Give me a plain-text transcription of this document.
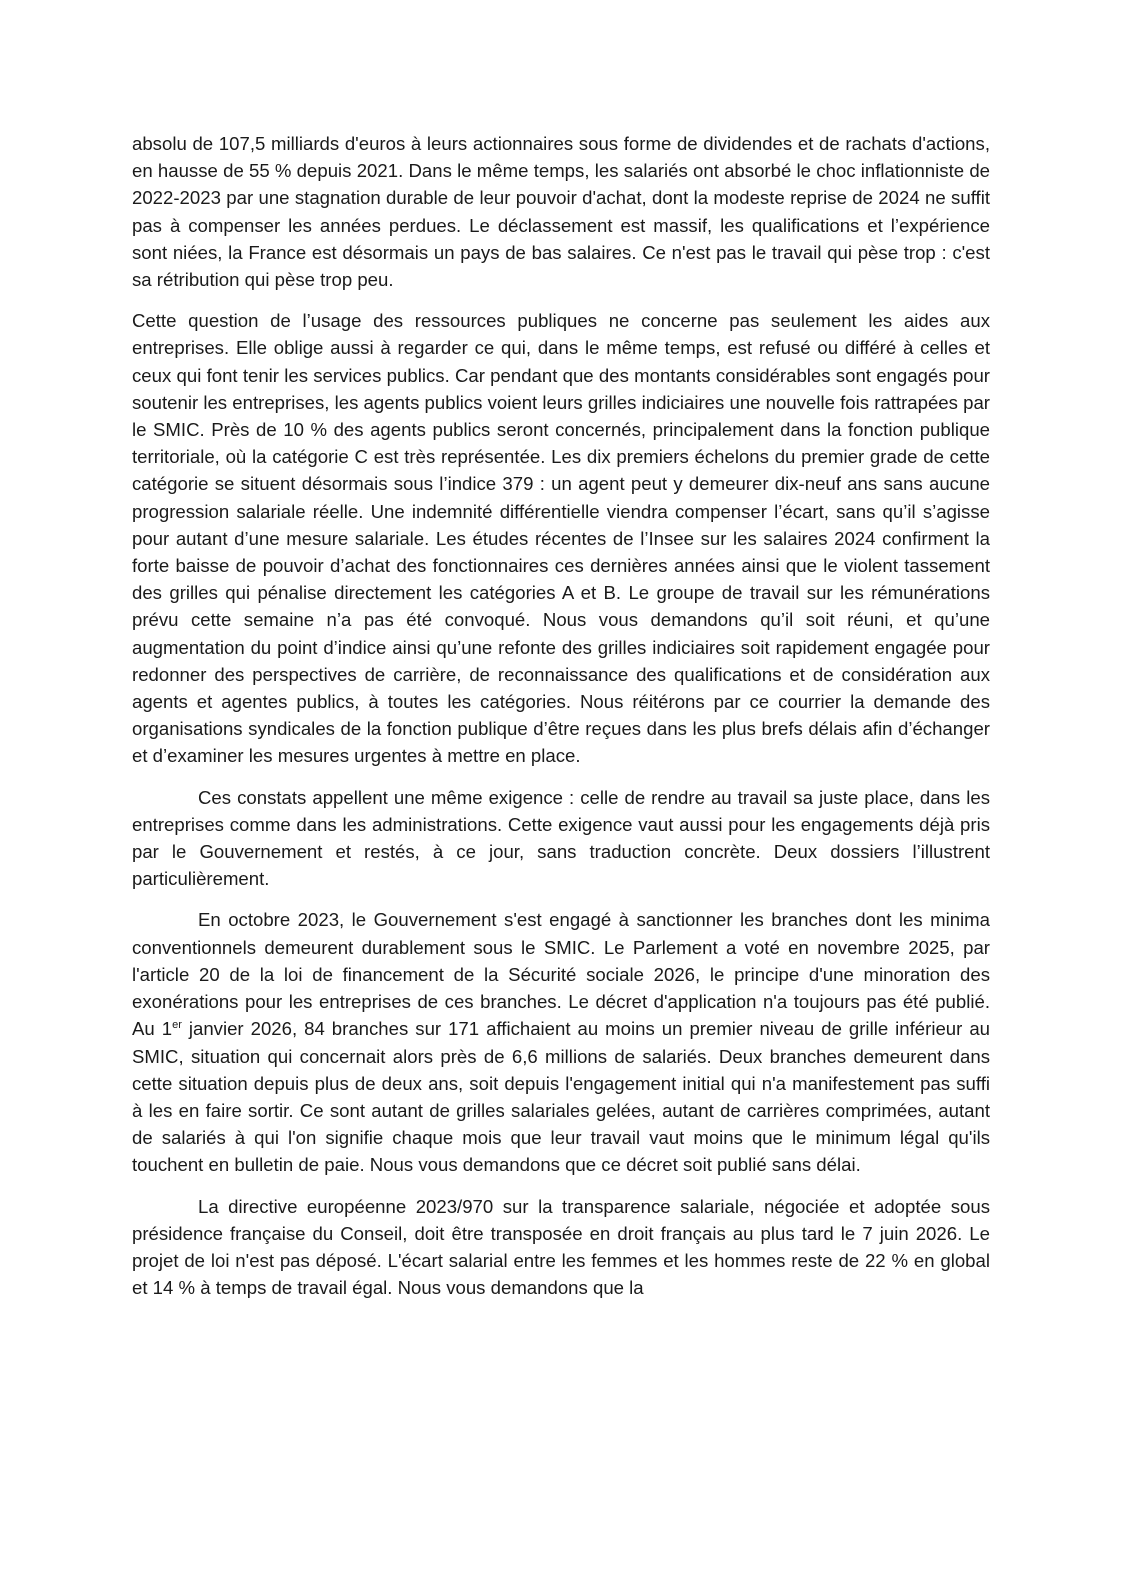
absolu de 107,5 milliards d'euros à leurs actionnaires sous forme de dividendes et de rachats d'actions, en hausse de 55 % depuis 2021. Dans le même temps, les salariés ont absorbé le choc inflationniste de 2022-2023 par une stagnation durable de leur pouvoir d'achat, dont la modeste reprise de 2024 ne suffit pas à compenser les années perdues. Le déclassement est massif, les qualifications et l’expérience sont niées, la France est désormais un pays de bas salaires. Ce n'est pas le travail qui pèse trop : c'est sa rétribution qui pèse trop peu.

Cette question de l’usage des ressources publiques ne concerne pas seulement les aides aux entreprises. Elle oblige aussi à regarder ce qui, dans le même temps, est refusé ou différé à celles et ceux qui font tenir les services publics. Car pendant que des montants considérables sont engagés pour soutenir les entreprises, les agents publics voient leurs grilles indiciaires une nouvelle fois rattrapées par le SMIC. Près de 10 % des agents publics seront concernés, principalement dans la fonction publique territoriale, où la catégorie C est très représentée. Les dix premiers échelons du premier grade de cette catégorie se situent désormais sous l’indice 379 : un agent peut y demeurer dix-neuf ans sans aucune progression salariale réelle. Une indemnité différentielle viendra compenser l’écart, sans qu’il s’agisse pour autant d’une mesure salariale. Les études récentes de l’Insee sur les salaires 2024 confirment la forte baisse de pouvoir d’achat des fonctionnaires ces dernières années ainsi que le violent tassement des grilles qui pénalise directement les catégories A et B. Le groupe de travail sur les rémunérations prévu cette semaine n’a pas été convoqué. Nous vous demandons qu’il soit réuni, et qu’une augmentation du point d’indice ainsi qu’une refonte des grilles indiciaires soit rapidement engagée pour redonner des perspectives de carrière, de reconnaissance des qualifications et de considération aux agents et agentes publics, à toutes les catégories. Nous réitérons par ce courrier la demande des organisations syndicales de la fonction publique d’être reçues dans les plus brefs délais afin d’échanger et d’examiner les mesures urgentes à mettre en place.

Ces constats appellent une même exigence : celle de rendre au travail sa juste place, dans les entreprises comme dans les administrations. Cette exigence vaut aussi pour les engagements déjà pris par le Gouvernement et restés, à ce jour, sans traduction concrète. Deux dossiers l’illustrent particulièrement.

En octobre 2023, le Gouvernement s'est engagé à sanctionner les branches dont les minima conventionnels demeurent durablement sous le SMIC. Le Parlement a voté en novembre 2025, par l'article 20 de la loi de financement de la Sécurité sociale 2026, le principe d'une minoration des exonérations pour les entreprises de ces branches. Le décret d'application n'a toujours pas été publié. Au 1er janvier 2026, 84 branches sur 171 affichaient au moins un premier niveau de grille inférieur au SMIC, situation qui concernait alors près de 6,6 millions de salariés. Deux branches demeurent dans cette situation depuis plus de deux ans, soit depuis l'engagement initial qui n'a manifestement pas suffi à les en faire sortir. Ce sont autant de grilles salariales gelées, autant de carrières comprimées, autant de salariés à qui l'on signifie chaque mois que leur travail vaut moins que le minimum légal qu'ils touchent en bulletin de paie. Nous vous demandons que ce décret soit publié sans délai.

La directive européenne 2023/970 sur la transparence salariale, négociée et adoptée sous présidence française du Conseil, doit être transposée en droit français au plus tard le 7 juin 2026. Le projet de loi n'est pas déposé. L'écart salarial entre les femmes et les hommes reste de 22 % en global et 14 % à temps de travail égal. Nous vous demandons que la
